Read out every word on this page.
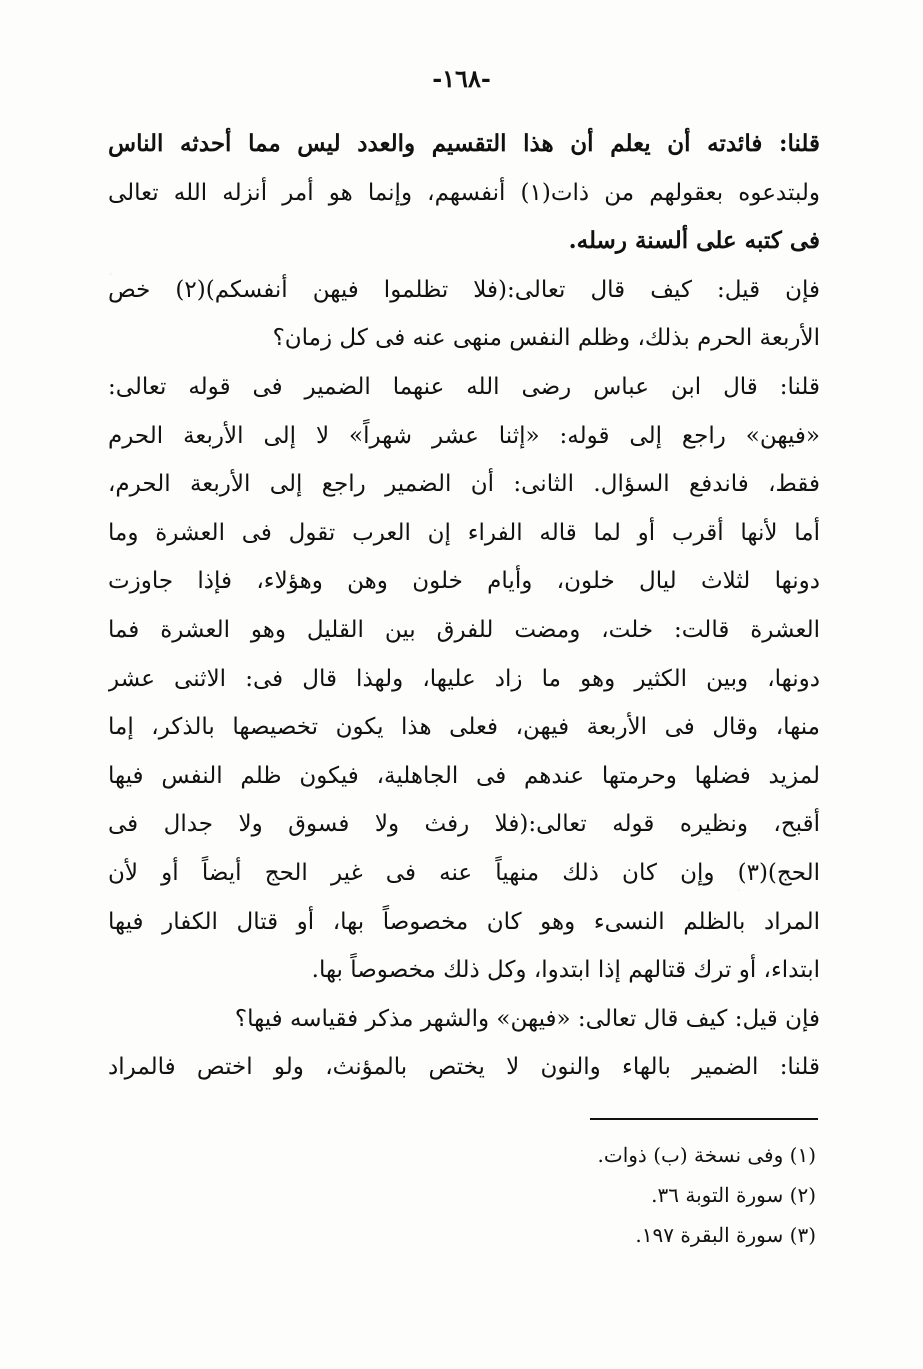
-١٦٨-
قلنا: فائدته أن يعلم أن هذا التقسيم والعدد ليس مما أحدثه الناس
ولبتدعوه بعقولهم من ذات(١) أنفسهم، وإنما هو أمر أنزله الله تعالى
فى كتبه على ألسنة رسله.
فإن قيل: كيف قال تعالى:(فلا تظلموا فيهن أنفسكم)(٢) خص
الأربعة الحرم بذلك، وظلم النفس منهى عنه فى كل زمان؟
قلنا: قال ابن عباس رضى الله عنهما الضمير فى قوله تعالى:
«فيهن» راجع إلى قوله: «إثنا عشر شهراً» لا إلى الأربعة الحرم
فقط، فاندفع السؤال. الثانى: أن الضمير راجع إلى الأربعة الحرم،
أما لأنها أقرب أو لما قاله الفراء إن العرب تقول فى العشرة وما
دونها لثلاث ليال خلون، وأيام خلون وهن وهؤلاء، فإذا جاوزت
العشرة قالت: خلت، ومضت للفرق بين القليل وهو العشرة فما
دونها، وبين الكثير وهو ما زاد عليها، ولهذا قال فى: الاثنى عشر
منها، وقال فى الأربعة فيهن، فعلى هذا يكون تخصيصها بالذكر، إما
لمزيد فضلها وحرمتها عندهم فى الجاهلية، فيكون ظلم النفس فيها
أقبح، ونظيره قوله تعالى:(فلا رفث ولا فسوق ولا جدال فى
الحج)(٣) وإن كان ذلك منهياً عنه فى غير الحج أيضاً أو لأن
المراد بالظلم النسىء وهو كان مخصوصاً بها، أو قتال الكفار فيها
ابتداء، أو ترك قتالهم إذا ابتدوا، وكل ذلك مخصوصاً بها.
فإن قيل: كيف قال تعالى: «فيهن» والشهر مذكر فقياسه فيها؟
قلنا: الضمير بالهاء والنون لا يختص بالمؤنث، ولو اختص فالمراد
(١) وفى نسخة (ب) ذوات.
(٢) سورة التوبة ٣٦.
(٣) سورة البقرة ١٩٧.
